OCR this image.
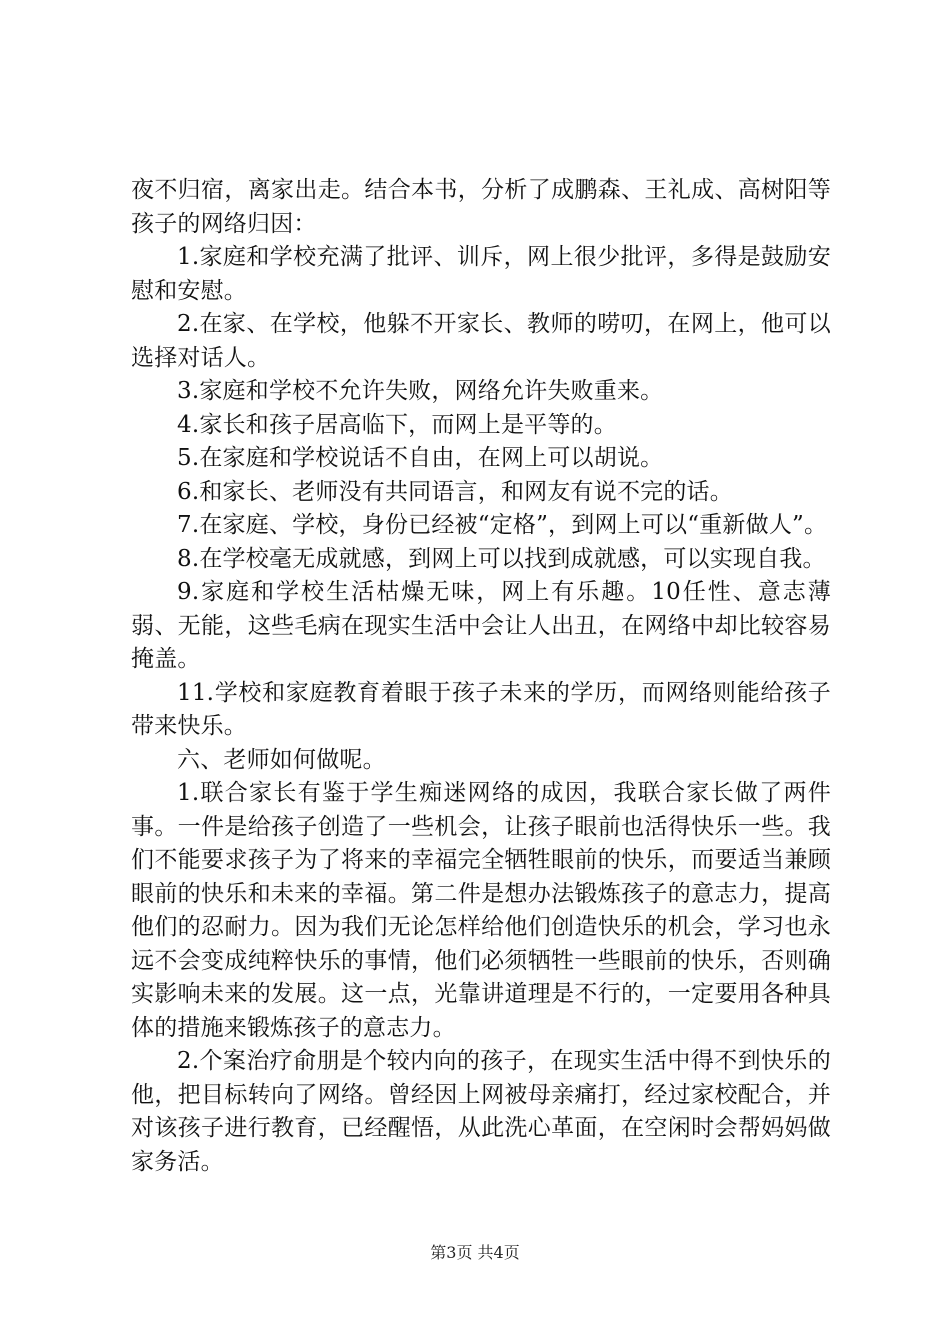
夜不归宿，离家出走。结合本书，分析了成鹏森、王礼成、高树阳等孩子的网络归因：

1.家庭和学校充满了批评、训斥，网上很少批评，多得是鼓励安慰和安慰。

2.在家、在学校，他躲不开家长、教师的唠叨，在网上，他可以选择对话人。

3.家庭和学校不允许失败，网络允许失败重来。

4.家长和孩子居高临下，而网上是平等的。

5.在家庭和学校说话不自由，在网上可以胡说。

6.和家长、老师没有共同语言，和网友有说不完的话。

7.在家庭、学校，身份已经被“定格”，到网上可以“重新做人”。

8.在学校毫无成就感，到网上可以找到成就感，可以实现自我。

9.家庭和学校生活枯燥无味，网上有乐趣。10任性、意志薄弱、无能，这些毛病在现实生活中会让人出丑，在网络中却比较容易掩盖。

11.学校和家庭教育着眼于孩子未来的学历，而网络则能给孩子带来快乐。

六、老师如何做呢。

1.联合家长有鉴于学生痴迷网络的成因，我联合家长做了两件事。一件是给孩子创造了一些机会，让孩子眼前也活得快乐一些。我们不能要求孩子为了将来的幸福完全牺牲眼前的快乐，而要适当兼顾眼前的快乐和未来的幸福。第二件是想办法锻炼孩子的意志力，提高他们的忍耐力。因为我们无论怎样给他们创造快乐的机会，学习也永远不会变成纯粹快乐的事情，他们必须牺牲一些眼前的快乐，否则确实影响未来的发展。这一点，光靠讲道理是不行的，一定要用各种具体的措施来锻炼孩子的意志力。

2.个案治疗俞朋是个较内向的孩子，在现实生活中得不到快乐的他，把目标转向了网络。曾经因上网被母亲痛打，经过家校配合，并对该孩子进行教育，已经醒悟，从此洗心革面，在空闲时会帮妈妈做家务活。

第3页 共4页
